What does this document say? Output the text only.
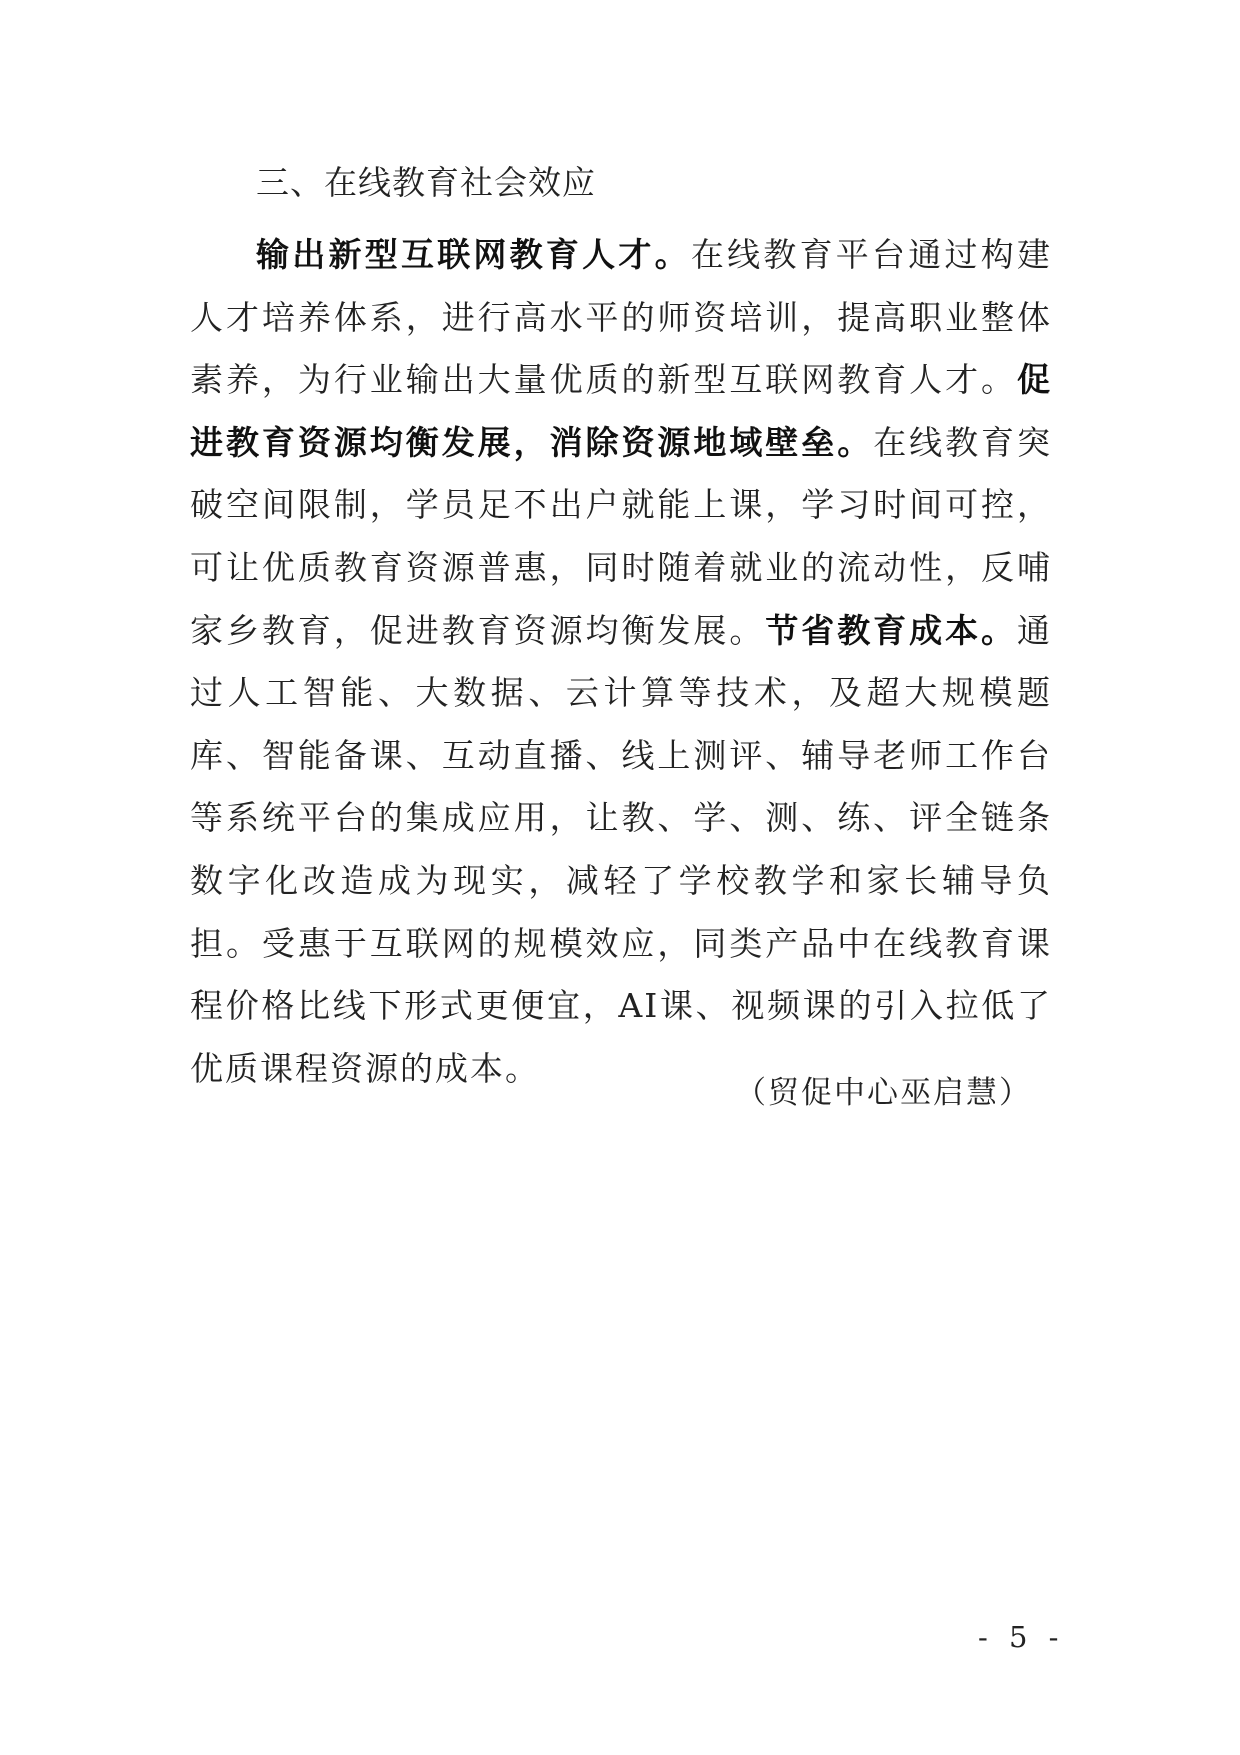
三、在线教育社会效应

输出新型互联网教育人才。在线教育平台通过构建人才培养体系，进行高水平的师资培训，提高职业整体素养，为行业输出大量优质的新型互联网教育人才。促进教育资源均衡发展，消除资源地域壁垒。在线教育突破空间限制，学员足不出户就能上课，学习时间可控，可让优质教育资源普惠，同时随着就业的流动性，反哺家乡教育，促进教育资源均衡发展。节省教育成本。通过人工智能、大数据、云计算等技术，及超大规模题库、智能备课、互动直播、线上测评、辅导老师工作台等系统平台的集成应用，让教、学、测、练、评全链条数字化改造成为现实，减轻了学校教学和家长辅导负担。受惠于互联网的规模效应，同类产品中在线教育课程价格比线下形式更便宜，AI课、视频课的引入拉低了优质课程资源的成本。

（贸促中心巫启慧）

- 5 -
